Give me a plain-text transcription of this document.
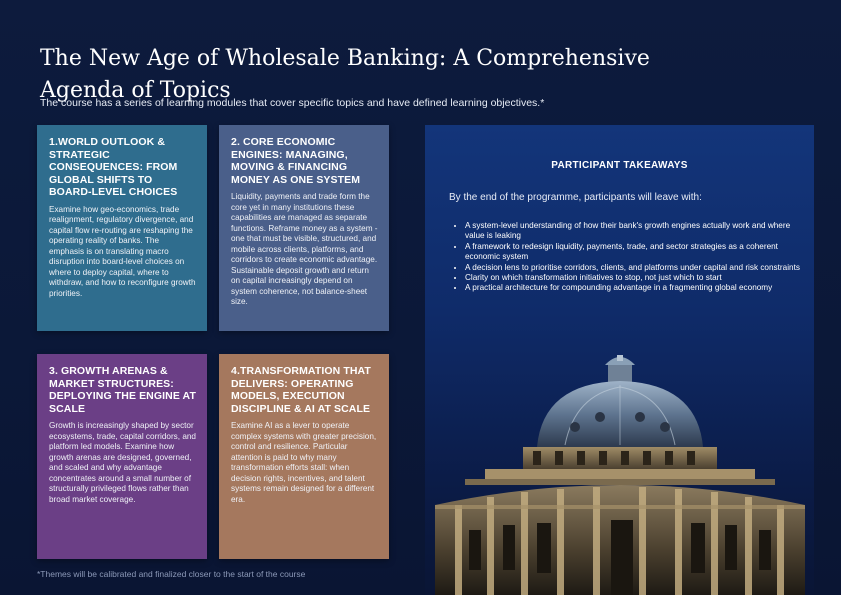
The New Age of Wholesale Banking: A Comprehensive Agenda of Topics
The course has a series of learning modules that cover specific topics and have defined learning objectives.*
1.WORLD OUTLOOK & STRATEGIC CONSEQUENCES: FROM GLOBAL SHIFTS TO BOARD-LEVEL CHOICES
Examine how geo-economics, trade realignment, regulatory divergence, and capital flow re-routing are reshaping the operating reality of banks. The emphasis is on translating macro disruption into board-level choices on where to deploy capital, where to withdraw, and how to reconfigure growth priorities.
2. CORE ECONOMIC ENGINES: MANAGING, MOVING & FINANCING MONEY AS ONE SYSTEM
Liquidity, payments and trade form the core yet in many institutions these capabilities are managed as separate functions. Reframe money as a system - one that must be visible, structured, and mobile across clients, platforms, and corridors to create economic advantage. Sustainable deposit growth and return on capital increasingly depend on system coherence, not balance-sheet size.
3. GROWTH ARENAS & MARKET STRUCTURES: DEPLOYING THE ENGINE AT SCALE
Growth is increasingly shaped by sector ecosystems, trade, capital corridors, and platform led models. Examine how growth arenas are designed, governed, and scaled and why advantage concentrates around a small number of structurally privileged flows rather than broad market coverage.
4.TRANSFORMATION THAT DELIVERS: OPERATING MODELS, EXECUTION DISCIPLINE & AI AT SCALE
Examine AI as a lever to operate complex systems with greater precision, control and resilience. Particular attention is paid to why many transformation efforts stall: when decision rights, incentives, and talent systems remain designed for a different era.
*Themes will be calibrated and finalized closer to the start of the course
PARTICIPANT TAKEAWAYS
By the end of the programme, participants will leave with:
• A system-level understanding of how their bank's growth engines actually work and where value is leaking
• A framework to redesign liquidity, payments, trade, and sector strategies as a coherent economic system
• A decision lens to prioritise corridors, clients, and platforms under capital and risk constraints
• Clarity on which transformation initiatives to stop, not just which to start
• A practical architecture for compounding advantage in a fragmenting global economy
